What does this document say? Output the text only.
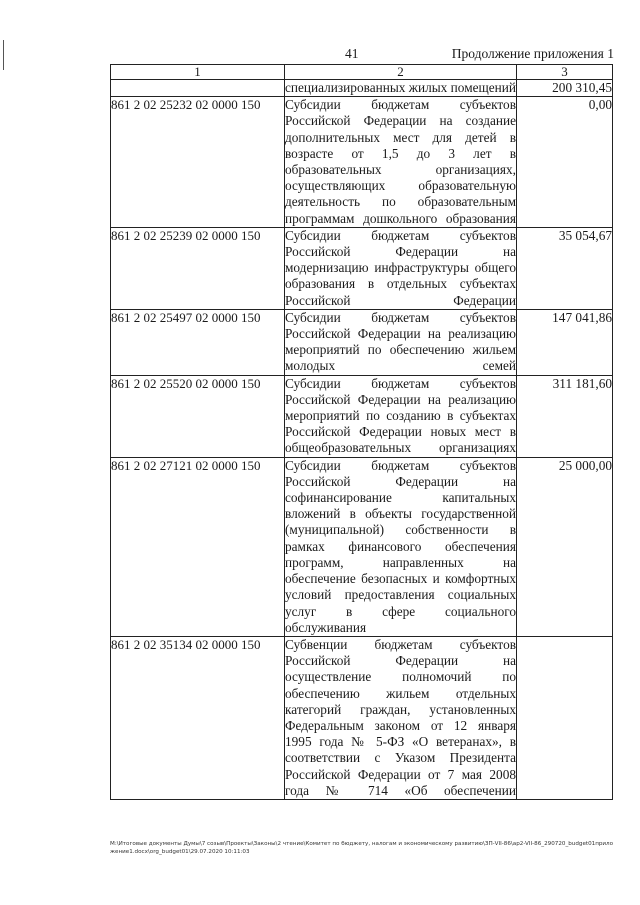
41	Продолжение приложения 1
1	2	3

	специализированных жилых помещений	200 310,45
861 2 02 25232 02 0000 150	Субсидии бюджетам субъектов Российской Федерации на создание дополнительных мест для детей в возрасте от 1,5 до 3 лет в образовательных организациях, осуществляющих образовательную деятельность по образовательным программам дошкольного образования	0,00
861 2 02 25239 02 0000 150	Субсидии бюджетам субъектов Российской Федерации на модернизацию инфраструктуры общего образования в отдельных субъектах Российской Федерации	35 054,67
861 2 02 25497 02 0000 150	Субсидии бюджетам субъектов Российской Федерации на реализацию мероприятий по обеспечению жильем молодых семей	147 041,86
861 2 02 25520 02 0000 150	Субсидии бюджетам субъектов Российской Федерации на реализацию мероприятий по созданию в субъектах Российской Федерации новых мест в общеобразовательных организациях	311 181,60
861 2 02 27121 02 0000 150	Субсидии бюджетам субъектов Российской Федерации на софинансирование капитальных вложений в объекты государственной (муниципальной) собственности в рамках финансового обеспечения программ, направленных на обеспечение безопасных и комфортных условий предоставления социальных услуг в сфере социального обслуживания	25 000,00
861 2 02 35134 02 0000 150	Субвенции бюджетам субъектов Российской Федерации на осуществление полномочий по обеспечению жильем отдельных категорий граждан, установленных Федеральным законом от 12 января 1995 года № 5-ФЗ «О ветеранах», в соответствии с Указом Президента Российской Федерации от 7 мая 2008 года № 714 «Об обеспечении	

M:\Итоговые документы Думы\7 созыв\Проекты\Законы\2 чтение\Комитет по бюджету, налогам и экономическому развитию\ЗП-VII-86\ap2-VII-86_290720_budget01приложение1.docx\org_budget01\29.07.2020 10:11:03
